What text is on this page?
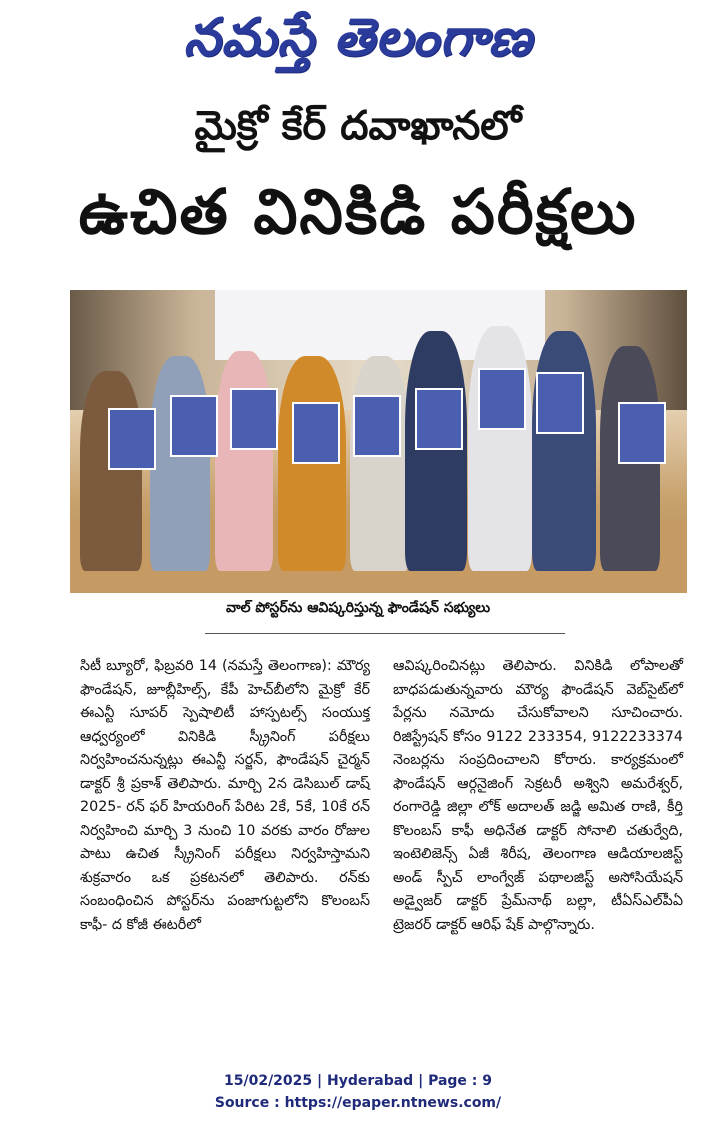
నమస్తే తెలంగాణ
మైక్రో కేర్ దవాఖానలో
ఉచిత వినికిడి పరీక్షలు
వాల్ పోస్టర్‌ను ఆవిష్కరిస్తున్న ఫౌండేషన్ సభ్యులు
సిటీ బ్యూరో, ఫిబ్రవరి 14 (నమస్తే తెలంగాణ): మౌర్య ఫౌండేషన్, జూబ్లీహిల్స్, కేపీ హెచ్‌బీలోని మైక్రో కేర్ ఈఎన్టీ సూపర్ స్పెషాలిటీ హాస్పటల్స్ సంయుక్త ఆధ్వర్యంలో వినికిడి స్క్రీనింగ్ పరీక్షలు నిర్వహించనున్నట్లు ఈఎన్టీ సర్జన్, ఫౌండేషన్ చైర్మన్ డాక్టర్ శ్రీ ప్రకాశ్ తెలిపారు. మార్చి 2న డెసిబుల్ డాష్ 2025- రన్ ఫర్ హియరింగ్ పేరిట 2కే, 5కే, 10కే రన్ నిర్వహించి మార్చి 3 నుంచి 10 వరకు వారం రోజుల పాటు ఉచిత స్క్రీనింగ్ పరీక్షలు నిర్వహిస్తామని శుక్రవారం ఒక ప్రకటనలో తెలిపారు. రన్‌కు సంబంధించిన పోస్టర్‌ను పంజాగుట్టలోని కొలంబస్ కాఫీ- ద కోజీ ఈటరీలో
ఆవిష్కరించినట్లు తెలిపారు. వినికిడి లోపాలతో బాధపడుతున్నవారు మౌర్య ఫౌండేషన్ వెబ్‌సైట్‌లో పేర్లను నమోదు చేసుకోవాలని సూచించారు. రిజిస్ట్రేషన్ కోసం 9122 233354, 9122233374 నెంబర్లను సంప్రదించాలని కోరారు. కార్యక్రమంలో ఫౌండేషన్ ఆర్గనైజింగ్ సెక్రటరీ అశ్విని అమరేశ్వర్, రంగారెడ్డి జిల్లా లోక్ అదాలత్ జడ్జి అమిత రాణి, కీర్తి కొలంబస్ కాఫీ అధినేత డాక్టర్ సోనాలి చతుర్వేది, ఇంటెలిజెన్స్ ఏజీ శిరీష, తెలంగాణ ఆడియాలజిస్ట్ అండ్ స్పీచ్ లాంగ్వేజ్ పథాలజిస్ట్ అసోసియేషన్ అడ్వైజర్ డాక్టర్ ప్రేమ్‌నాథ్ బల్లా, టీఏస్‌ఎల్‌పీఏ ట్రెజరర్ డాక్టర్ ఆరిఫ్ షేక్ పాల్గొన్నారు.
15/02/2025 | Hyderabad | Page : 9
Source : https://epaper.ntnews.com/
